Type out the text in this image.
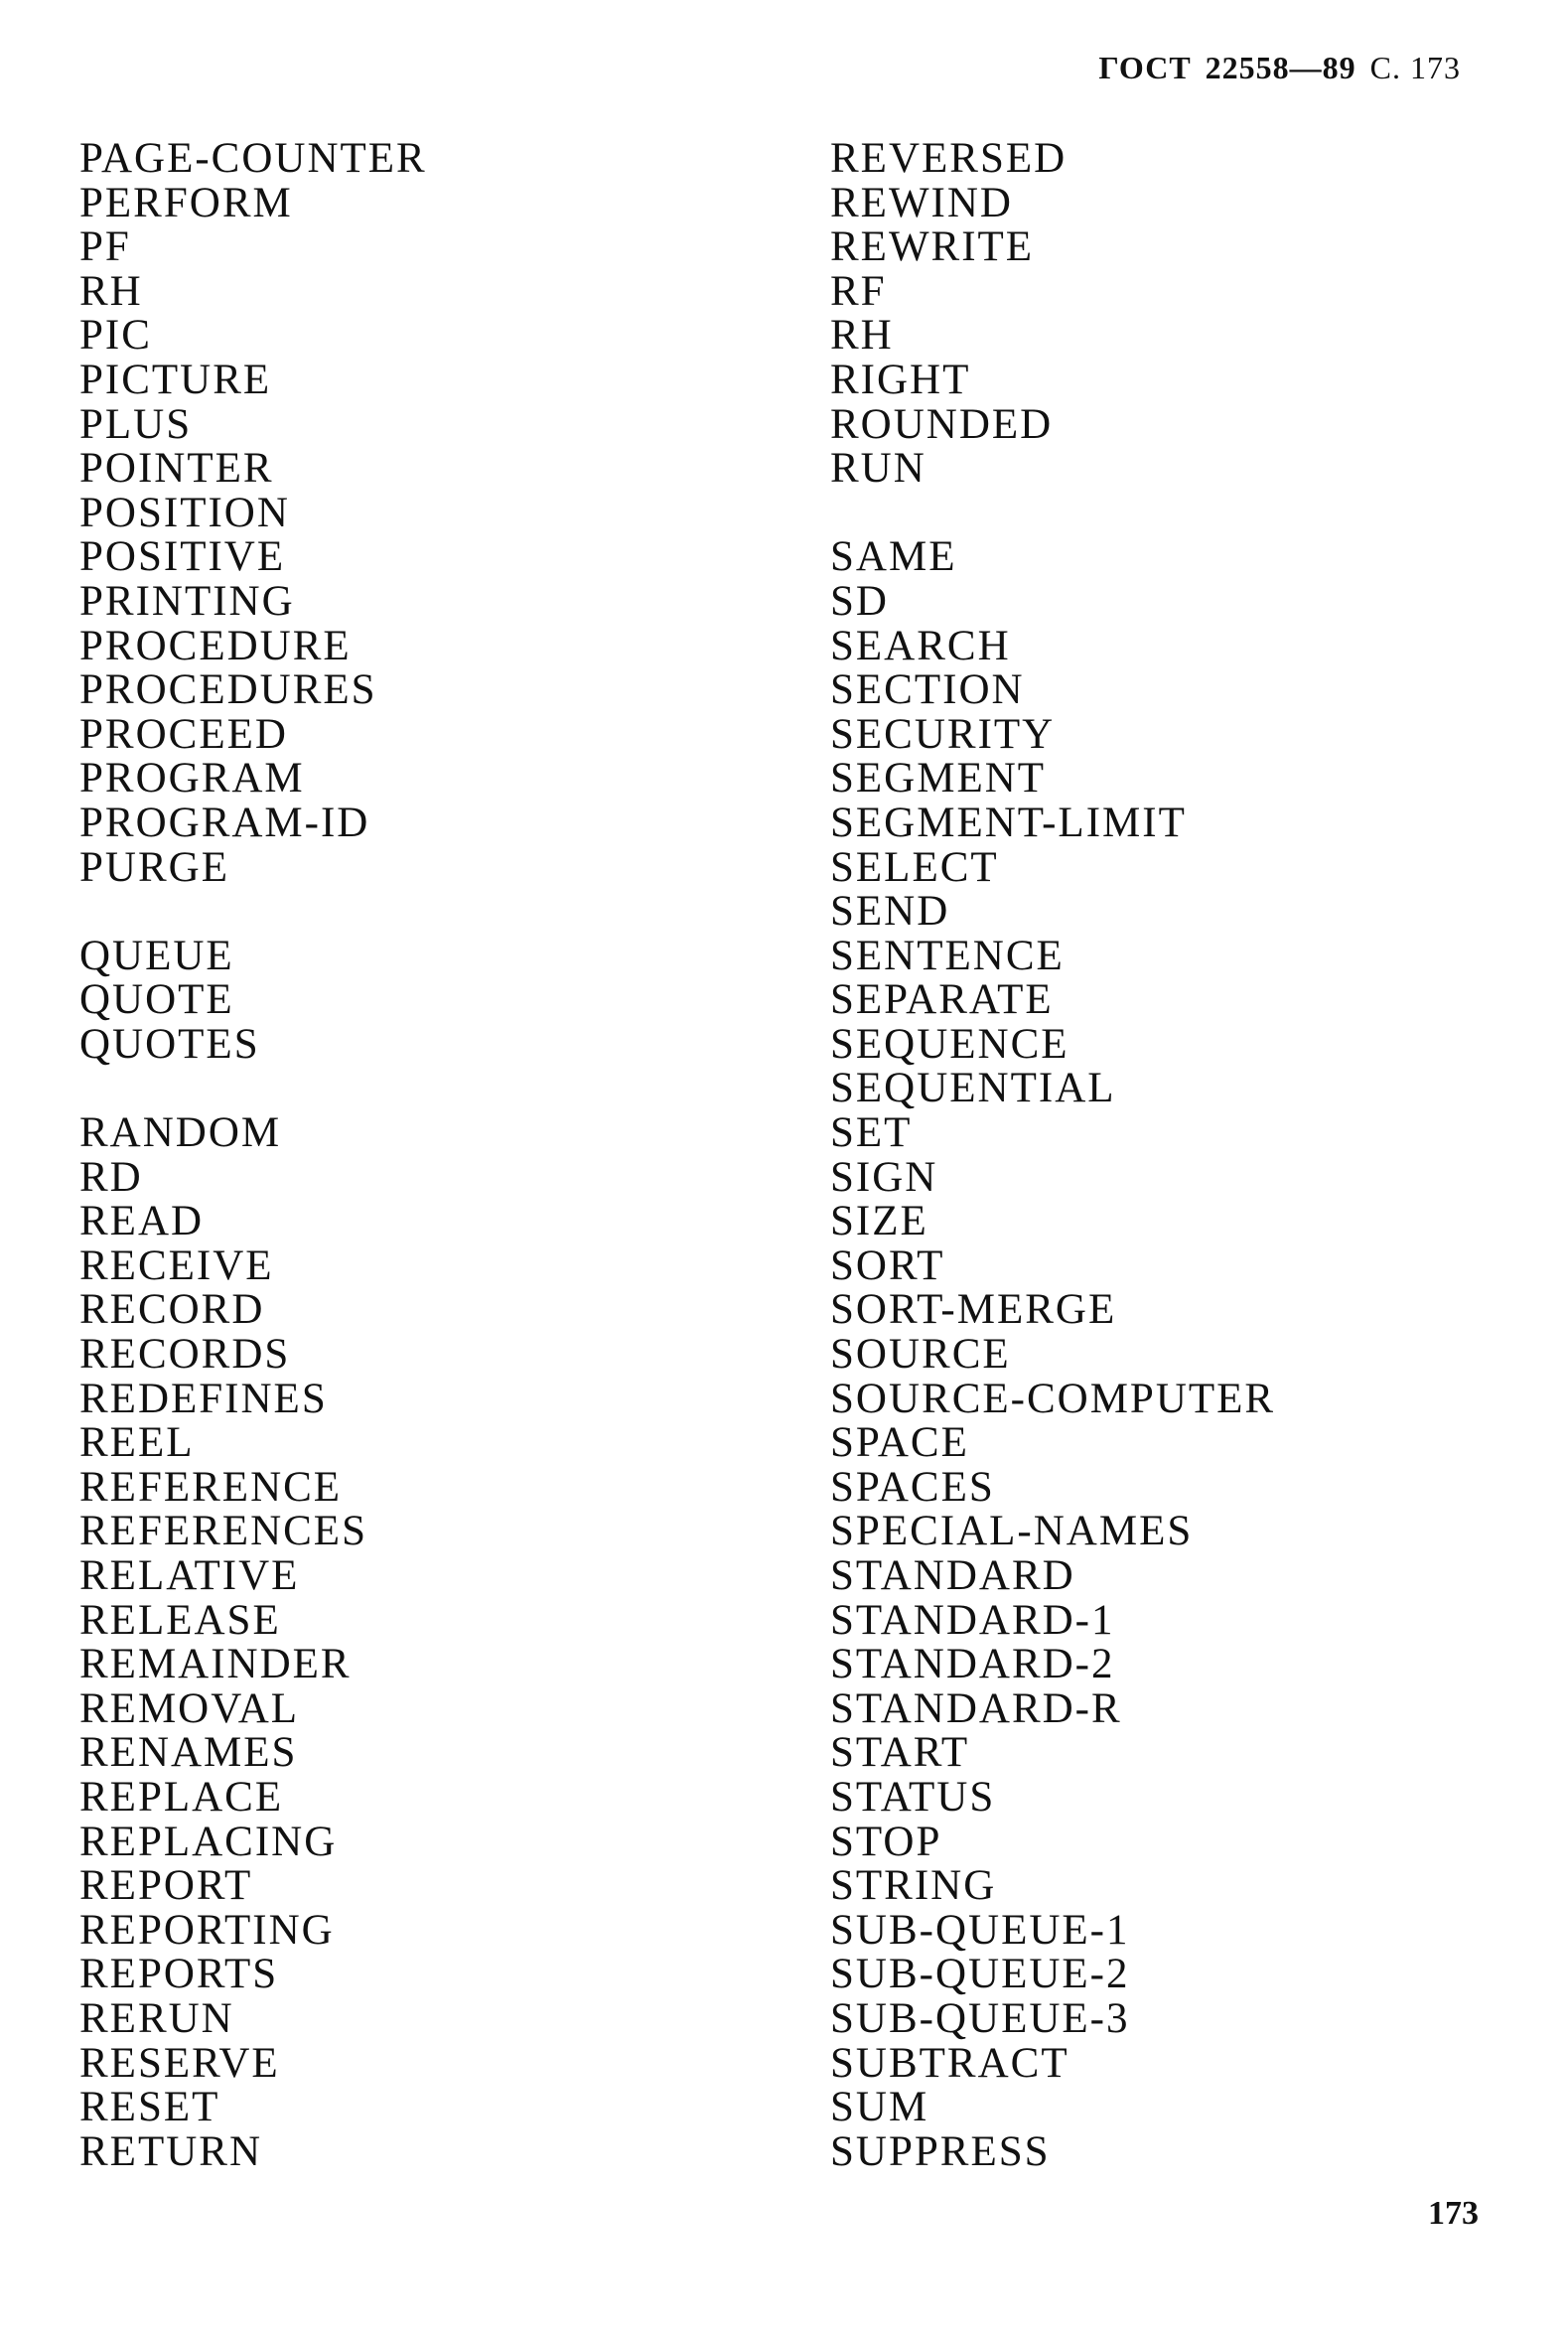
ГОСТ 22558—89 С. 173
PAGE-COUNTER
PERFORM
PF
RH
PIC
PICTURE
PLUS
POINTER
POSITION
POSITIVE
PRINTING
PROCEDURE
PROCEDURES
PROCEED
PROGRAM
PROGRAM-ID
PURGE
QUEUE
QUOTE
QUOTES
RANDOM
RD
READ
RECEIVE
RECORD
RECORDS
REDEFINES
REEL
REFERENCE
REFERENCES
RELATIVE
RELEASE
REMAINDER
REMOVAL
RENAMES
REPLACE
REPLACING
REPORT
REPORTING
REPORTS
RERUN
RESERVE
RESET
RETURN
REVERSED
REWIND
REWRITE
RF
RH
RIGHT
ROUNDED
RUN
SAME
SD
SEARCH
SECTION
SECURITY
SEGMENT
SEGMENT-LIMIT
SELECT
SEND
SENTENCE
SEPARATE
SEQUENCE
SEQUENTIAL
SET
SIGN
SIZE
SORT
SORT-MERGE
SOURCE
SOURCE-COMPUTER
SPACE
SPACES
SPECIAL-NAMES
STANDARD
STANDARD-1
STANDARD-2
STANDARD-R
START
STATUS
STOP
STRING
SUB-QUEUE-1
SUB-QUEUE-2
SUB-QUEUE-3
SUBTRACT
SUM
SUPPRESS
173
